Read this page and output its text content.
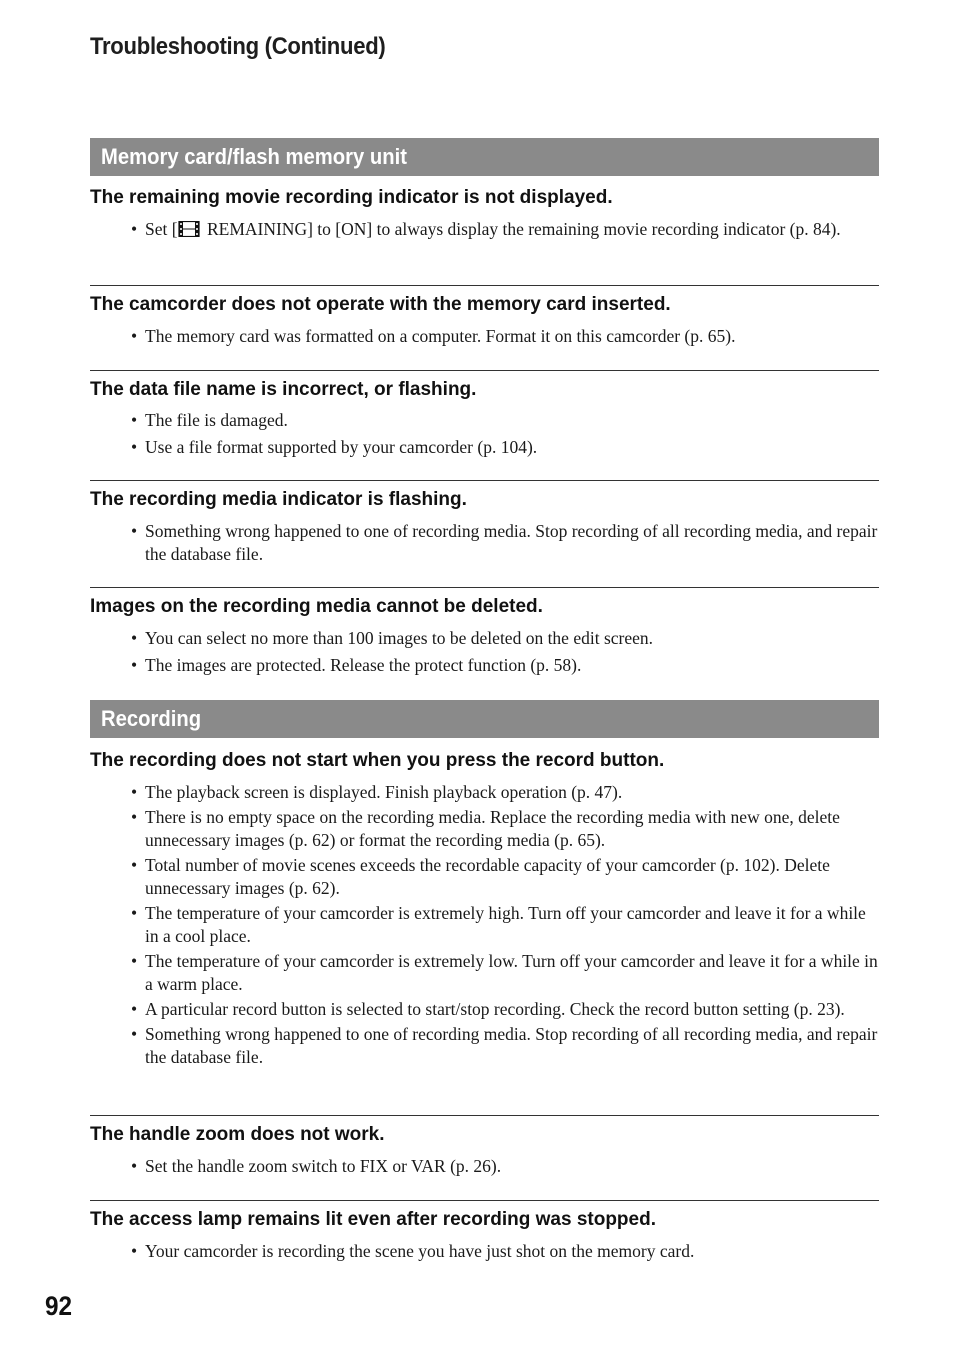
Troubleshooting (Continued)
Memory card/flash memory unit
The remaining movie recording indicator is not displayed.
• Set [ REMAINING] to [ON] to always display the remaining movie recording indicator (p. 84).
The camcorder does not operate with the memory card inserted.
• The memory card was formatted on a computer. Format it on this camcorder (p. 65).
The data file name is incorrect, or flashing.
• The file is damaged.
• Use a file format supported by your camcorder (p. 104).
The recording media indicator is flashing.
• Something wrong happened to one of recording media. Stop recording of all recording media, and repair the database file.
Images on the recording media cannot be deleted.
• You can select no more than 100 images to be deleted on the edit screen.
• The images are protected. Release the protect function (p. 58).
Recording
The recording does not start when you press the record button.
• The playback screen is displayed. Finish playback operation (p. 47).
• There is no empty space on the recording media. Replace the recording media with new one, delete unnecessary images (p. 62) or format the recording media (p. 65).
• Total number of movie scenes exceeds the recordable capacity of your camcorder (p. 102). Delete unnecessary images (p. 62).
• The temperature of your camcorder is extremely high. Turn off your camcorder and leave it for a while in a cool place.
• The temperature of your camcorder is extremely low. Turn off your camcorder and leave it for a while in a warm place.
• A particular record button is selected to start/stop recording. Check the record button setting (p. 23).
• Something wrong happened to one of recording media. Stop recording of all recording media, and repair the database file.
The handle zoom does not work.
• Set the handle zoom switch to FIX or VAR (p. 26).
The access lamp remains lit even after recording was stopped.
• Your camcorder is recording the scene you have just shot on the memory card.
92
